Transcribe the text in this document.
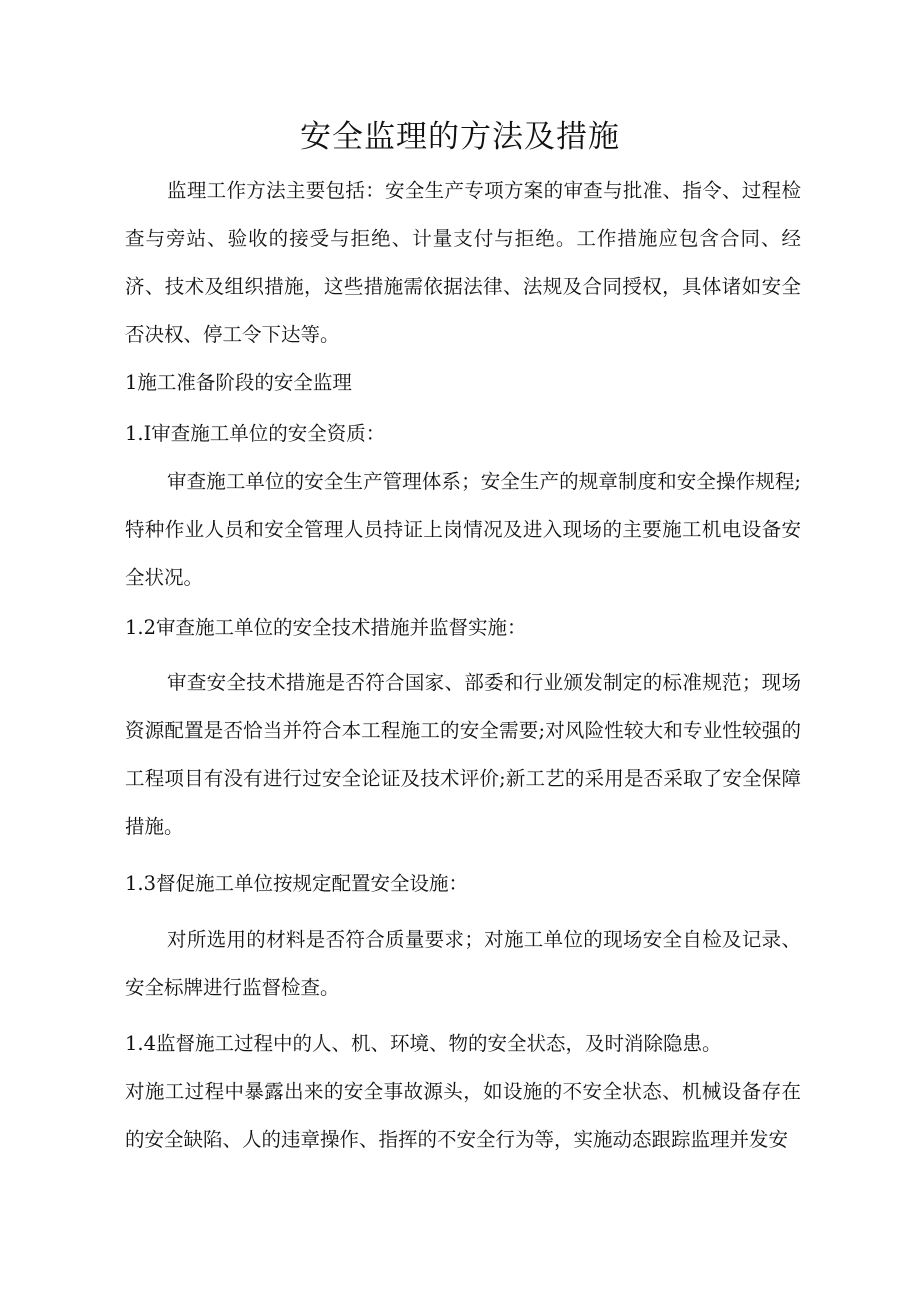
安全监理的方法及措施

监理工作方法主要包括：安全生产专项方案的审查与批准、指令、过程检查与旁站、验收的接受与拒绝、计量支付与拒绝。工作措施应包含合同、经济、技术及组织措施，这些措施需依据法律、法规及合同授权，具体诸如安全否决权、停工令下达等。

1施工准备阶段的安全监理

1.Ⅰ审查施工单位的安全资质：

审查施工单位的安全生产管理体系；安全生产的规章制度和安全操作规程;特种作业人员和安全管理人员持证上岗情况及进入现场的主要施工机电设备安全状况。

1.2审查施工单位的安全技术措施并监督实施：

审查安全技术措施是否符合国家、部委和行业颁发制定的标准规范；现场资源配置是否恰当并符合本工程施工的安全需要;对风险性较大和专业性较强的工程项目有没有进行过安全论证及技术评价;新工艺的采用是否采取了安全保障措施。

1.3督促施工单位按规定配置安全设施：

对所选用的材料是否符合质量要求；对施工单位的现场安全自检及记录、安全标牌进行监督检查。

1.4监督施工过程中的人、机、环境、物的安全状态，及时消除隐患。

对施工过程中暴露出来的安全事故源头，如设施的不安全状态、机械设备存在的安全缺陷、人的违章操作、指挥的不安全行为等，实施动态跟踪监理并发安
